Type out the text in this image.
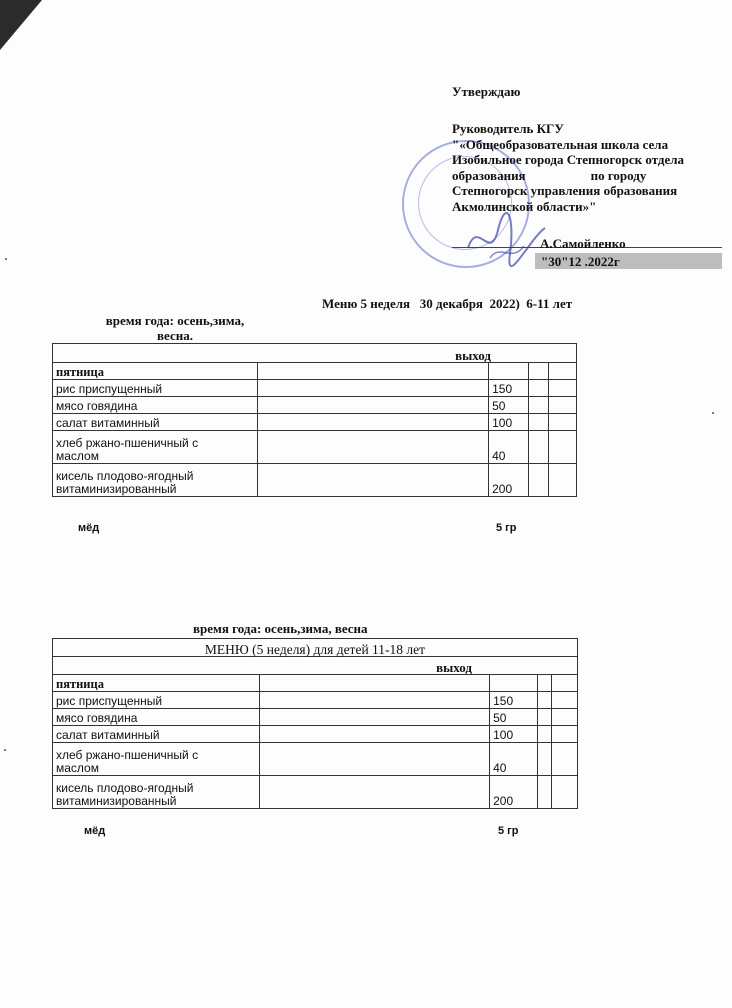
Утверждаю
Руководитель КГУ
"«Общеобразовательная школа села
Изобильное города Степногорск отдела
образования                    по городу
Степногорск управления образования
Акмолинской области»"
А.Самойленко
"30"12 .2022г
Меню 5 неделя   30 декабря  2022)  6-11 лет
время года: осень,зима,
весна.
выход				
пятница				
рис приспущенный		150		
мясо говядина		50		
салат витаминный		100		

хлеб ржано-пшеничный с
маслом		40		

кисель плодово-ягодный
витаминизированный		200		
мёд	5 гр
время года: осень,зима, весна
МЕНЮ (5 неделя) для детей 11-18 лет				
выход				
пятница				
рис приспущенный		150		
мясо говядина		50		
салат витаминный		100		

хлеб ржано-пшеничный с
маслом		40		

кисель плодово-ягодный
витаминизированный		200		
мёд	5 гр
